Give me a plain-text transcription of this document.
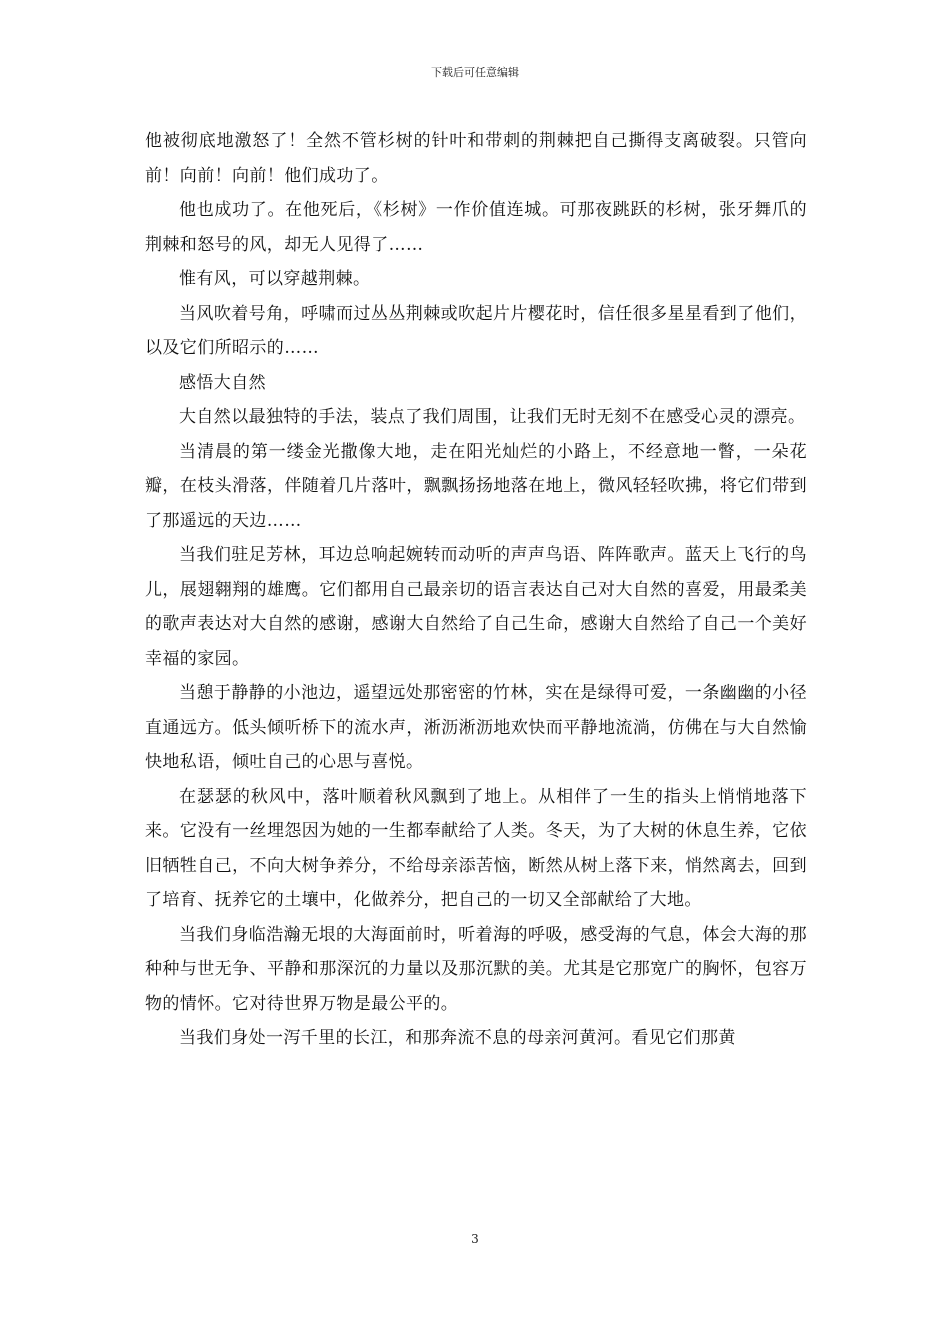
下载后可任意编辑

他被彻底地激怒了！全然不管杉树的针叶和带刺的荆棘把自己撕得支离破裂。只管向前！向前！向前！他们成功了。

他也成功了。在他死后，《杉树》一作价值连城。可那夜跳跃的杉树，张牙舞爪的荆棘和怒号的风，却无人见得了……

惟有风，可以穿越荆棘。

当风吹着号角，呼啸而过丛丛荆棘或吹起片片樱花时，信任很多星星看到了他们，以及它们所昭示的……

感悟大自然

大自然以最独特的手法，装点了我们周围，让我们无时无刻不在感受心灵的漂亮。

当清晨的第一缕金光撒像大地，走在阳光灿烂的小路上，不经意地一瞥，一朵花瓣，在枝头滑落，伴随着几片落叶，飘飘扬扬地落在地上，微风轻轻吹拂，将它们带到了那遥远的天边……

当我们驻足芳林，耳边总响起婉转而动听的声声鸟语、阵阵歌声。蓝天上飞行的鸟儿，展翅翱翔的雄鹰。它们都用自己最亲切的语言表达自己对大自然的喜爱，用最柔美的歌声表达对大自然的感谢，感谢大自然给了自己生命，感谢大自然给了自己一个美好幸福的家园。

当憩于静静的小池边，遥望远处那密密的竹林，实在是绿得可爱，一条幽幽的小径直通远方。低头倾听桥下的流水声，淅沥淅沥地欢快而平静地流淌，仿佛在与大自然愉快地私语，倾吐自己的心思与喜悦。

在瑟瑟的秋风中，落叶顺着秋风飘到了地上。从相伴了一生的指头上悄悄地落下来。它没有一丝埋怨因为她的一生都奉献给了人类。冬天，为了大树的休息生养，它依旧牺牲自己，不向大树争养分，不给母亲添苦恼，断然从树上落下来，悄然离去，回到了培育、抚养它的土壤中，化做养分，把自己的一切又全部献给了大地。

当我们身临浩瀚无垠的大海面前时，听着海的呼吸，感受海的气息，体会大海的那种种与世无争、平静和那深沉的力量以及那沉默的美。尤其是它那宽广的胸怀，包容万物的情怀。它对待世界万物是最公平的。

当我们身处一泻千里的长江，和那奔流不息的母亲河黄河。看见它们那黄

3
